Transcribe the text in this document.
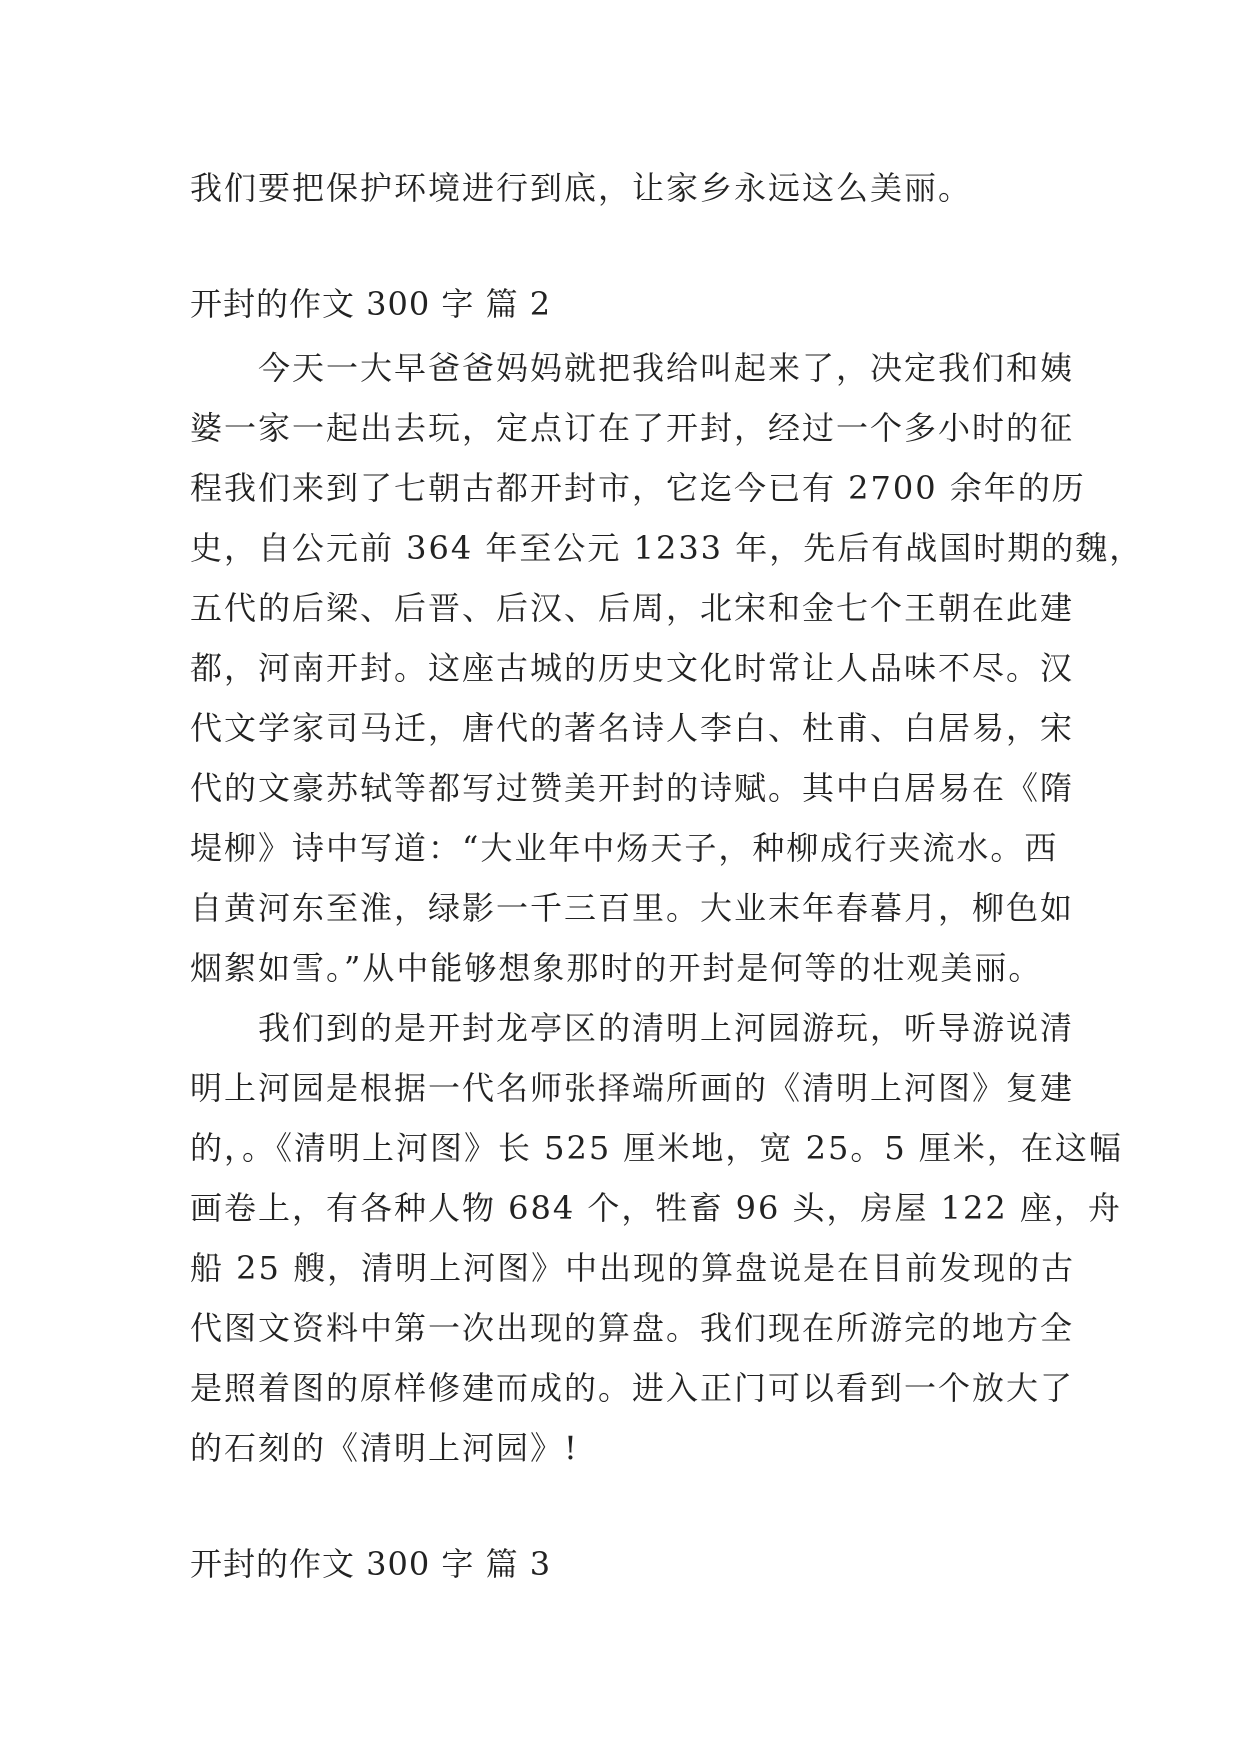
我们要把保护环境进行到底，让家乡永远这么美丽。
开封的作文 300 字 篇 2
　　今天一大早爸爸妈妈就把我给叫起来了，决定我们和姨
婆一家一起出去玩，定点订在了开封，经过一个多小时的征
程我们来到了七朝古都开封市，它迄今已有 2700 余年的历
史，自公元前 364 年至公元 1233 年，先后有战国时期的魏，
五代的后梁、后晋、后汉、后周，北宋和金七个王朝在此建
都，河南开封。这座古城的历史文化时常让人品味不尽。汉
代文学家司马迁，唐代的著名诗人李白、杜甫、白居易，宋
代的文豪苏轼等都写过赞美开封的诗赋。其中白居易在《隋
堤柳》诗中写道：“大业年中炀天子，种柳成行夹流水。西
自黄河东至淮，绿影一千三百里。大业末年春暮月，柳色如
烟絮如雪。”从中能够想象那时的开封是何等的壮观美丽。
　　我们到的是开封龙亭区的清明上河园游玩，听导游说清
明上河园是根据一代名师张择端所画的《清明上河图》复建
的，。《清明上河图》长 525 厘米地，宽 25。5 厘米，在这幅
画卷上，有各种人物 684 个，牲畜 96 头，房屋 122 座，舟
船 25 艘，清明上河图》中出现的算盘说是在目前发现的古
代图文资料中第一次出现的算盘。我们现在所游完的地方全
是照着图的原样修建而成的。进入正门可以看到一个放大了
的石刻的《清明上河园》!
开封的作文 300 字 篇 3
